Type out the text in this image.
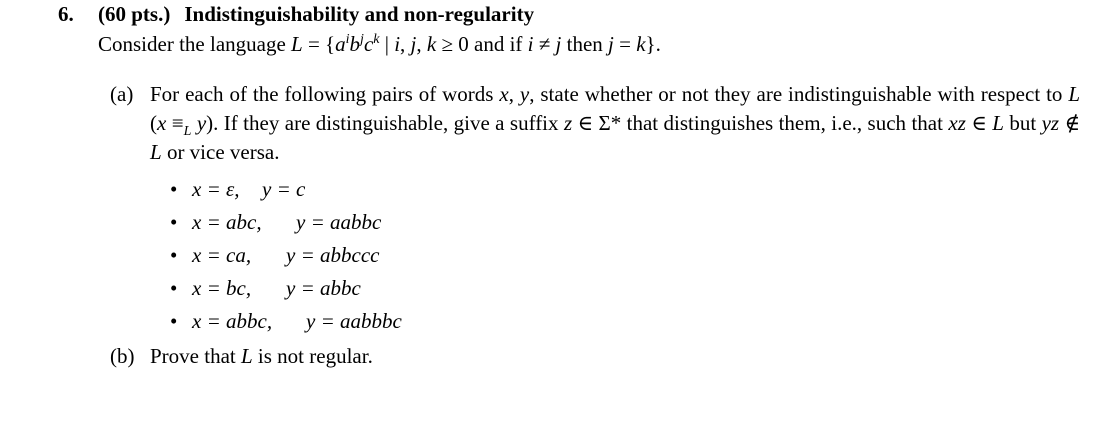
6. (60 pts.) Indistinguishability and non-regularity
Consider the language $L = \{a^ib^jc^k$ | i, j, k ≥ 0 and if i ≠ j then j = k}.
(a) For each of the following pairs of words x, y, state whether or not they are indistinguishable with respect to L ($x \equiv_L$ y). If they are distinguishable, give a suffix z ∈ Σ* that distinguishes them, i.e., such that xz ∈ L but yz ∉ L or vice versa.
• x = ε,	y = c
• x = abc,	y = aabbc
• x = ca,	y = abbccc
• x = bc,	y = abbc
• x = abbc,	y = aabbbc
(b) Prove that L is not regular.
